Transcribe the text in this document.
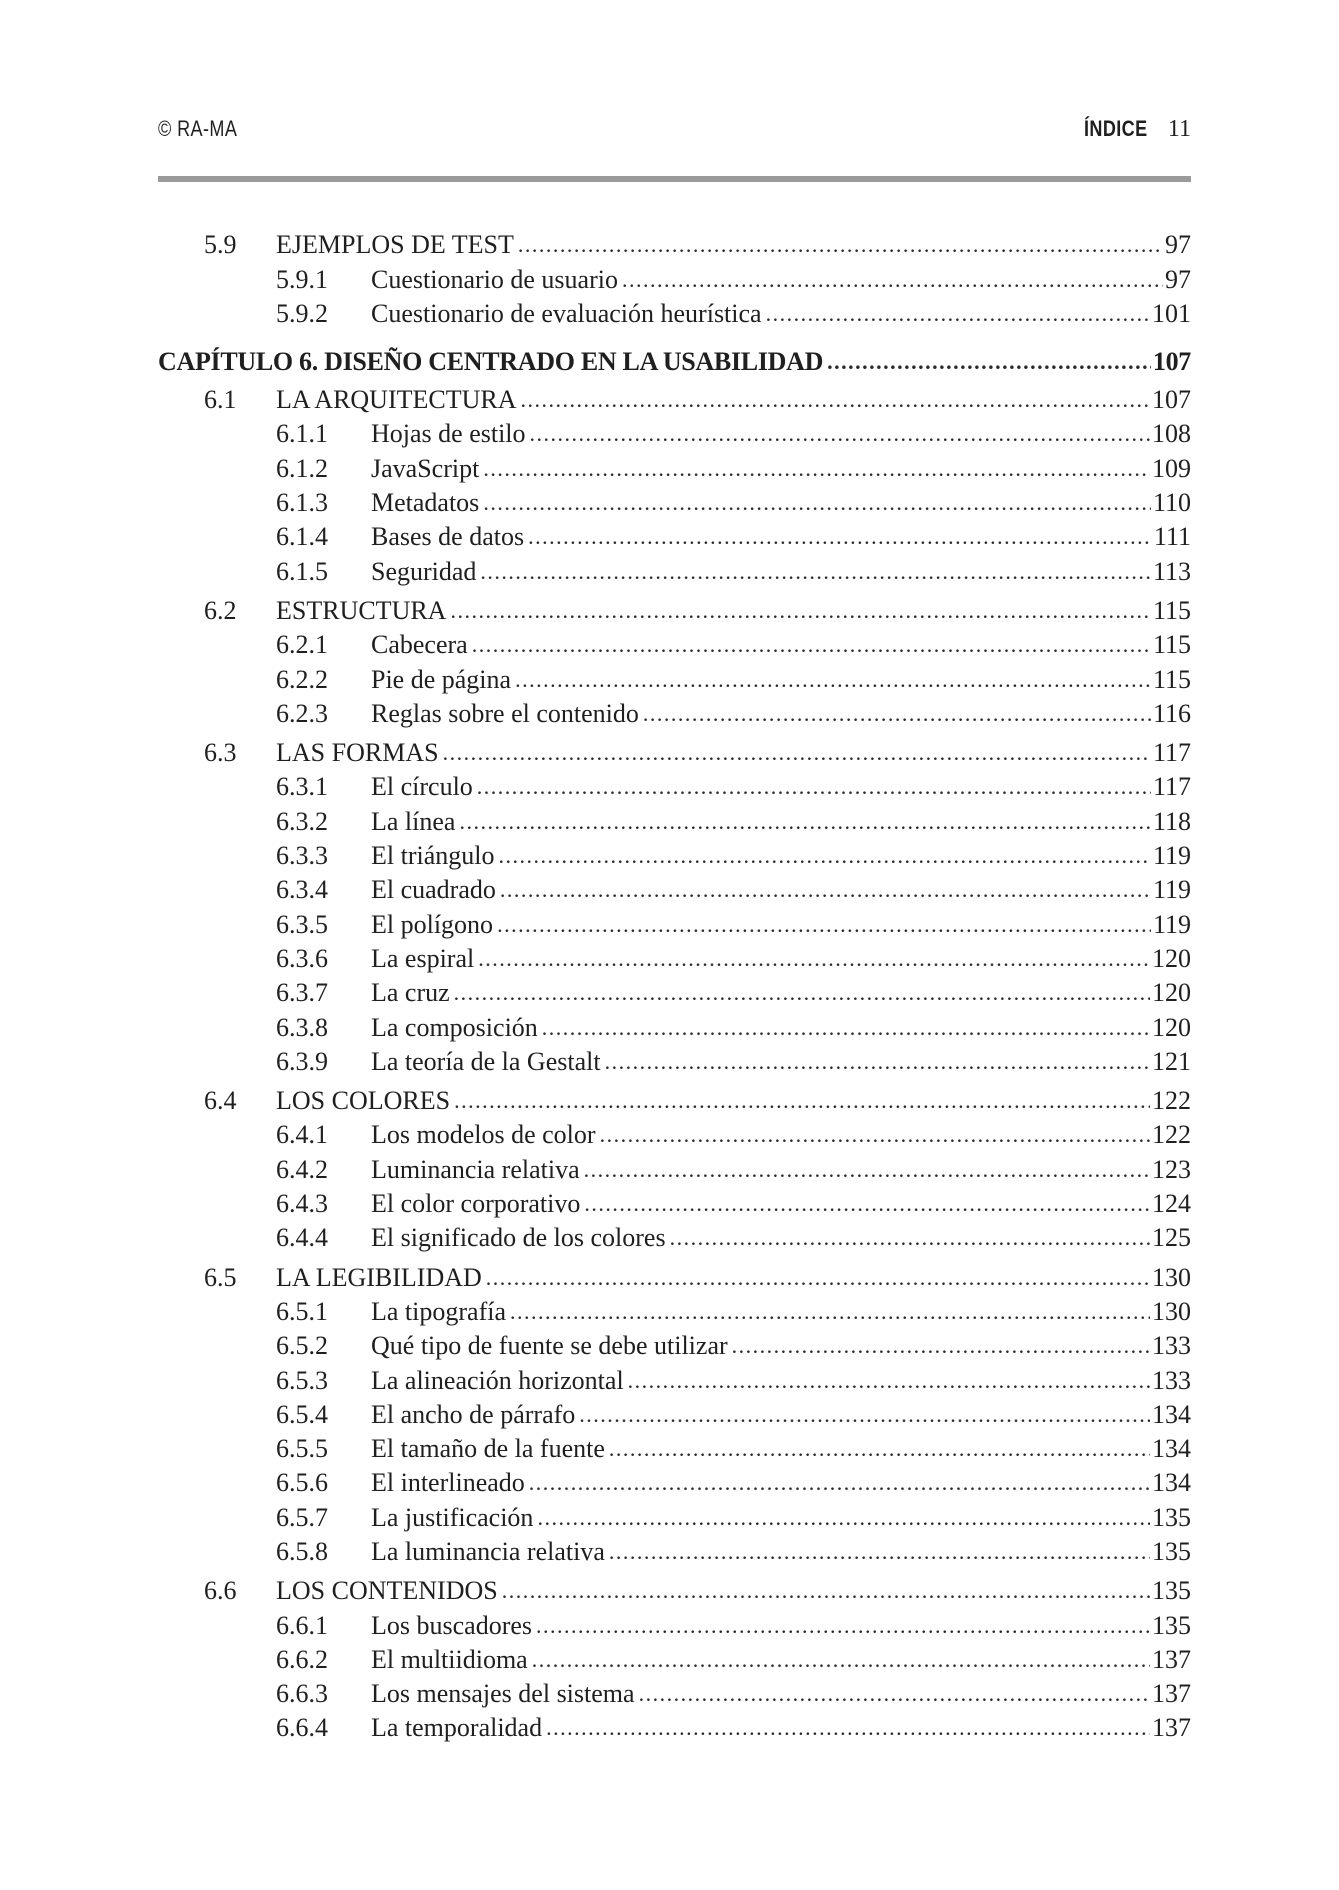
© RA-MA	ÍNDICE 11
5.9	EJEMPLOS DE TEST .....	97
5.9.1	Cuestionario de usuario .....	97
5.9.2	Cuestionario de evaluación heurística .....	101
CAPÍTULO 6. DISEÑO CENTRADO EN LA USABILIDAD .....	107
6.1	LA ARQUITECTURA .....	107
6.1.1	Hojas de estilo .....	108
6.1.2	JavaScript .....	109
6.1.3	Metadatos .....	110
6.1.4	Bases de datos .....	111
6.1.5	Seguridad .....	113
6.2	ESTRUCTURA .....	115
6.2.1	Cabecera .....	115
6.2.2	Pie de página .....	115
6.2.3	Reglas sobre el contenido .....	116
6.3	LAS FORMAS .....	117
6.3.1	El círculo .....	117
6.3.2	La línea .....	118
6.3.3	El triángulo .....	119
6.3.4	El cuadrado .....	119
6.3.5	El polígono .....	119
6.3.6	La espiral .....	120
6.3.7	La cruz .....	120
6.3.8	La composición .....	120
6.3.9	La teoría de la Gestalt .....	121
6.4	LOS COLORES .....	122
6.4.1	Los modelos de color .....	122
6.4.2	Luminancia relativa .....	123
6.4.3	El color corporativo .....	124
6.4.4	El significado de los colores .....	125
6.5	LA LEGIBILIDAD .....	130
6.5.1	La tipografía .....	130
6.5.2	Qué tipo de fuente se debe utilizar .....	133
6.5.3	La alineación horizontal .....	133
6.5.4	El ancho de párrafo .....	134
6.5.5	El tamaño de la fuente .....	134
6.5.6	El interlineado .....	134
6.5.7	La justificación .....	135
6.5.8	La luminancia relativa .....	135
6.6	LOS CONTENIDOS .....	135
6.6.1	Los buscadores .....	135
6.6.2	El multiidioma .....	137
6.6.3	Los mensajes del sistema .....	137
6.6.4	La temporalidad .....	137
